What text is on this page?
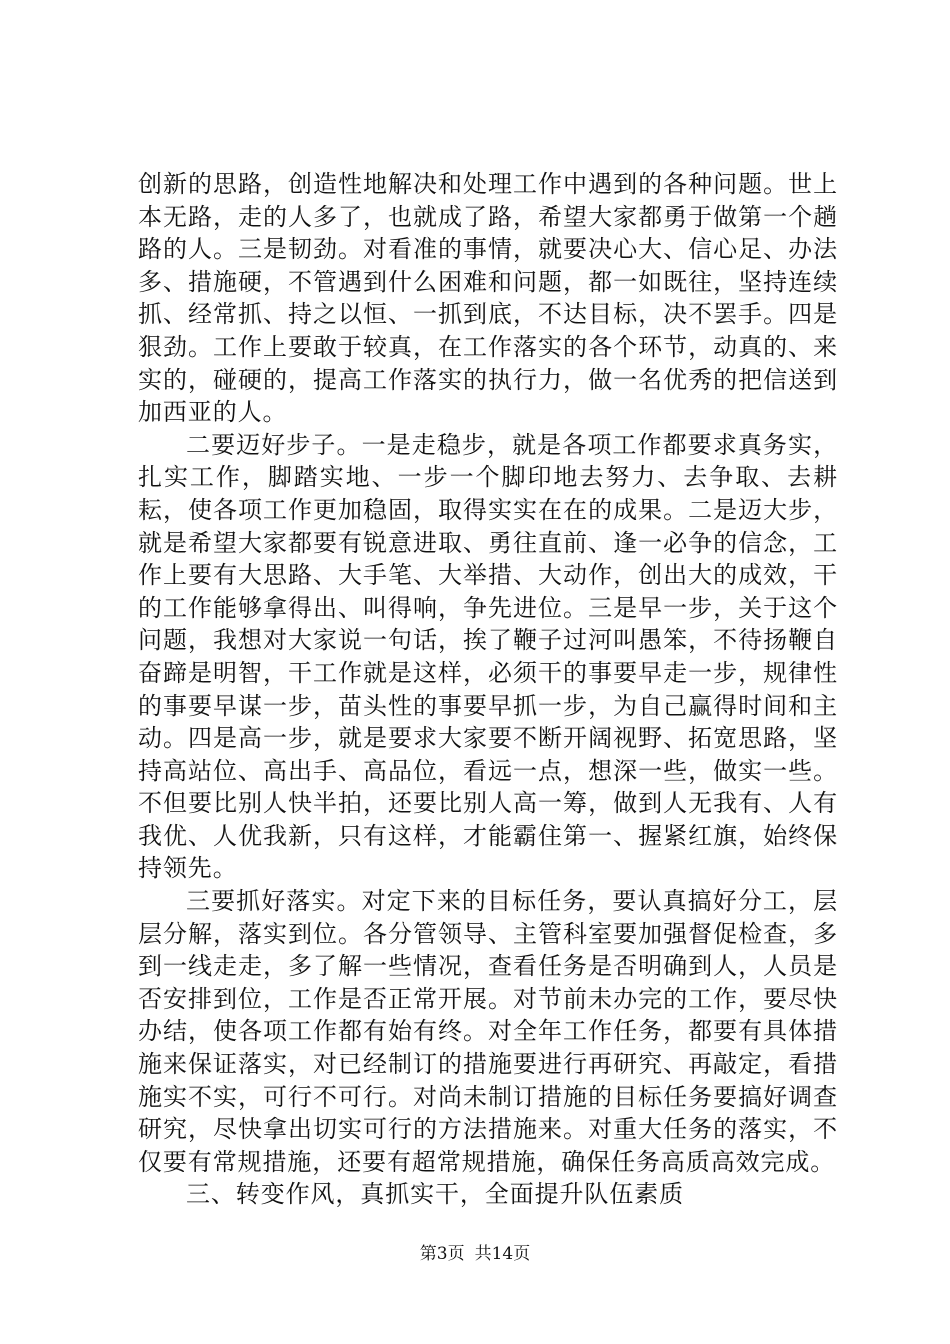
创新的思路，创造性地解决和处理工作中遇到的各种问题。世上本无路，走的人多了，也就成了路，希望大家都勇于做第一个趟路的人。三是韧劲。对看准的事情，就要决心大、信心足、办法多、措施硬，不管遇到什么困难和问题，都一如既往，坚持连续抓、经常抓、持之以恒、一抓到底，不达目标，决不罢手。四是狠劲。工作上要敢于较真，在工作落实的各个环节，动真的、来实的，碰硬的，提高工作落实的执行力，做一名优秀的把信送到加西亚的人。

二要迈好步子。一是走稳步，就是各项工作都要求真务实，扎实工作，脚踏实地、一步一个脚印地去努力、去争取、去耕耘，使各项工作更加稳固，取得实实在在的成果。二是迈大步，就是希望大家都要有锐意进取、勇往直前、逢一必争的信念，工作上要有大思路、大手笔、大举措、大动作，创出大的成效，干的工作能够拿得出、叫得响，争先进位。三是早一步，关于这个问题，我想对大家说一句话，挨了鞭子过河叫愚笨，不待扬鞭自奋蹄是明智，干工作就是这样，必须干的事要早走一步，规律性的事要早谋一步，苗头性的事要早抓一步，为自己赢得时间和主动。四是高一步，就是要求大家要不断开阔视野、拓宽思路，坚持高站位、高出手、高品位，看远一点，想深一些，做实一些。不但要比别人快半拍，还要比别人高一筹，做到人无我有、人有我优、人优我新，只有这样，才能霸住第一、握紧红旗，始终保持领先。

三要抓好落实。对定下来的目标任务，要认真搞好分工，层层分解，落实到位。各分管领导、主管科室要加强督促检查，多到一线走走，多了解一些情况，查看任务是否明确到人，人员是否安排到位，工作是否正常开展。对节前未办完的工作，要尽快办结，使各项工作都有始有终。对全年工作任务，都要有具体措施来保证落实，对已经制订的措施要进行再研究、再敲定，看措施实不实，可行不可行。对尚未制订措施的目标任务要搞好调查研究，尽快拿出切实可行的方法措施来。对重大任务的落实，不仅要有常规措施，还要有超常规措施，确保任务高质高效完成。

三、转变作风，真抓实干，全面提升队伍素质

第3页 共14页
